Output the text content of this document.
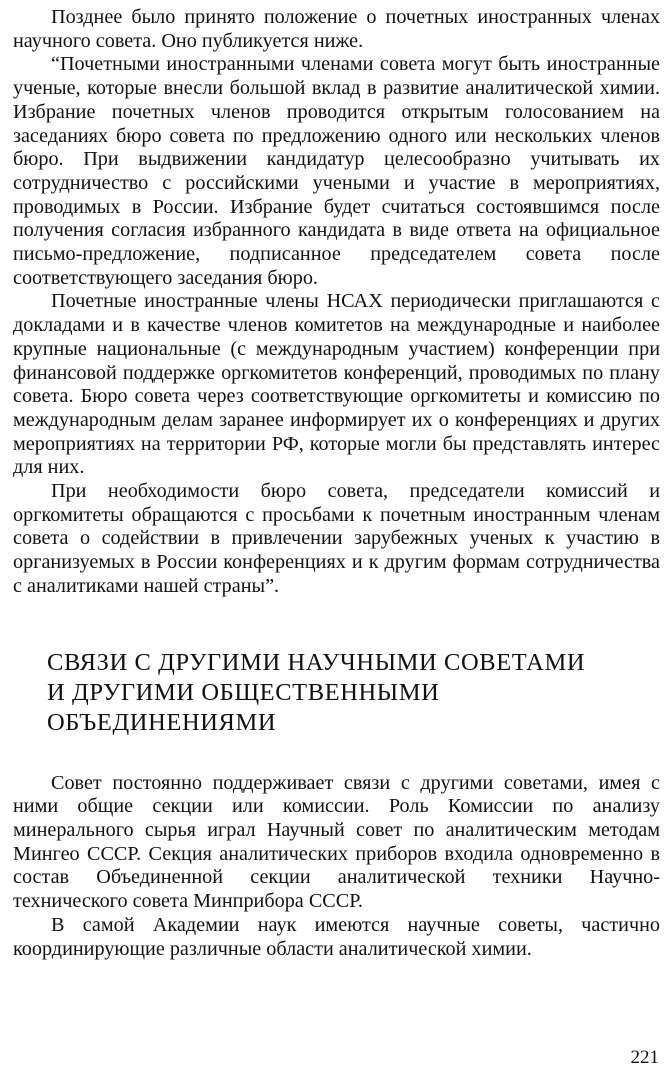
Позднее было принято положение о почетных иностранных членах научного совета. Оно публикуется ниже.

“Почетными иностранными членами совета могут быть иностранные ученые, которые внесли большой вклад в развитие аналитической химии. Избрание почетных членов проводится открытым голосованием на заседаниях бюро совета по предложению одного или нескольких членов бюро. При выдвижении кандидатур целесообразно учитывать их сотрудничество с российскими учеными и участие в мероприятиях, проводимых в России. Избрание будет считаться состоявшимся после получения согласия избранного кандидата в виде ответа на официальное письмо-предложение, подписанное председателем совета после соответствующего заседания бюро.

Почетные иностранные члены НСАХ периодически приглашаются с докладами и в качестве членов комитетов на международные и наиболее крупные национальные (с международным участием) конференции при финансовой поддержке оргкомитетов конференций, проводимых по плану совета. Бюро совета через соответствующие оргкомитеты и комиссию по международным делам заранее информирует их о конференциях и других мероприятиях на территории РФ, которые могли бы представлять интерес для них.

При необходимости бюро совета, председатели комиссий и оргкомитеты обращаются с просьбами к почетным иностранным членам совета о содействии в привлечении зарубежных ученых к участию в организуемых в России конференциях и к другим формам сотрудничества с аналитиками нашей страны”.

СВЯЗИ С ДРУГИМИ НАУЧНЫМИ СОВЕТАМИ
И ДРУГИМИ ОБЩЕСТВЕННЫМИ
ОБЪЕДИНЕНИЯМИ

Совет постоянно поддерживает связи с другими советами, имея с ними общие секции или комиссии. Роль Комиссии по анализу минерального сырья играл Научный совет по аналитическим методам Мингео СССР. Секция аналитических приборов входила одновременно в состав Объединенной секции аналитической техники Научно-технического совета Минприбора СССР.

В самой Академии наук имеются научные советы, частично координирующие различные области аналитической химии.

221
